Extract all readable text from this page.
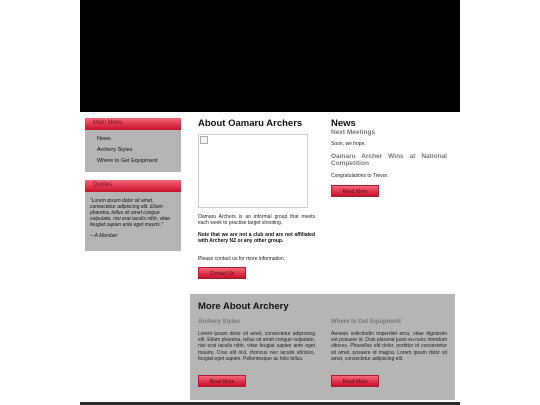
Main Menu
News
Archery Styles
Where to Get Equipment
Quotes
"Lorem ipsum dolor sit amet, consectetur adipiscing elit. Etiam pharetra, tellus sit amet congue vulputate, nisi erat iaculis nibh, vitae feugiat sapien ante eget mauris."
-- A Member
About Oamaru Archers
Oamaru Archers is an informal group that meets each week to practise target shooting.
Note that we are not a club and are not affiliated with Archery NZ or any other group.
Please contact us for more information.
Contact Us
News
Next Meetings
Soon, we hope.
Oamaru Archer Wins at National Competition
Congratulations to Trevor.
Read More
More About Archery
Archery Styles
Lorem ipsum dolor sit amet, consectetur adipiscing elit. Etiam pharetra, tellus sit amet congue vulputate, nisi erat iaculis nibh, vitae feugiat sapien ante eget mauris. Cras elit nisl, rhoncus nec iaculis ultricies, feugiat eget sapien. Pellentesque ac felis tellus.
Read More
Where to Get Equipment
Aenean sollicitudin imperdiet arcu, vitae dignissim est posuere id. Duis placerat justo eu nunc interdum ultrices. Phasellus elit dolor, porttitor id consectetur sit amet, posuere id magna. Lorem ipsum dolor sit amet, consectetur adipiscing elit.
Read More
